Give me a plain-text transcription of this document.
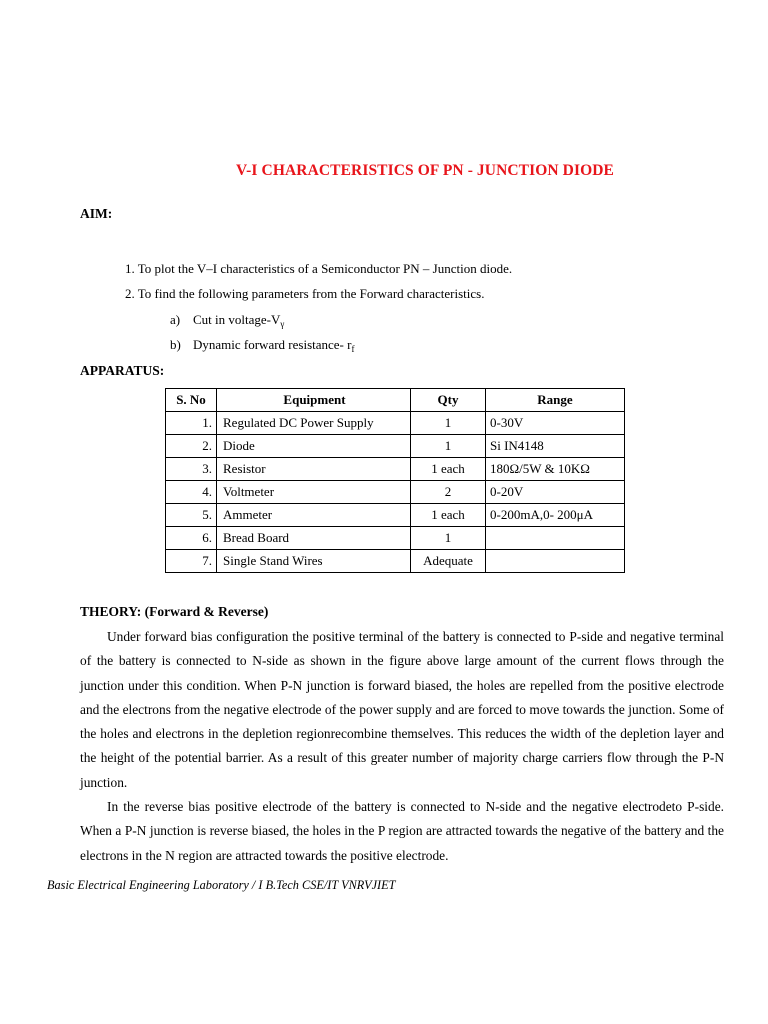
V-I CHARACTERISTICS OF PN - JUNCTION DIODE
AIM:
1. To plot the V–I characteristics of a Semiconductor PN – Junction diode.
2. To find the following parameters from the Forward characteristics.
a) Cut in voltage-$V_\gamma$
b) Dynamic forward resistance- $r_f$
APPARATUS:
S. No	Equipment	Qty	Range
1.	Regulated DC Power Supply	1	0-30V
2.	Diode	1	Si IN4148
3.	Resistor	1 each	180Ω/5W & 10KΩ
4.	Voltmeter	2	0-20V
5.	Ammeter	1 each	0-200mA,0- 200μA
6.	Bread Board	1	
7.	Single Stand Wires	Adequate	
THEORY: (Forward & Reverse)
Under forward bias configuration the positive terminal of the battery is connected to P-side and negative terminal of the battery is connected to N-side as shown in the figure above large amount of the current flows through the junction under this condition. When P-N junction is forward biased, the holes are repelled from the positive electrode and the electrons from the negative electrode of the power supply and are forced to move towards the junction. Some of the holes and electrons in the depletion regionrecombine themselves. This reduces the width of the depletion layer and the height of the potential barrier. As a result of this greater number of majority charge carriers flow through the P-N junction.
In the reverse bias positive electrode of the battery is connected to N-side and the negative electrodeto P-side. When a P-N junction is reverse biased, the holes in the P region are attracted towards the negative of the battery and the electrons in the N region are attracted towards the positive electrode.
Basic Electrical Engineering Laboratory / I B.Tech CSE/IT VNRVJIET
